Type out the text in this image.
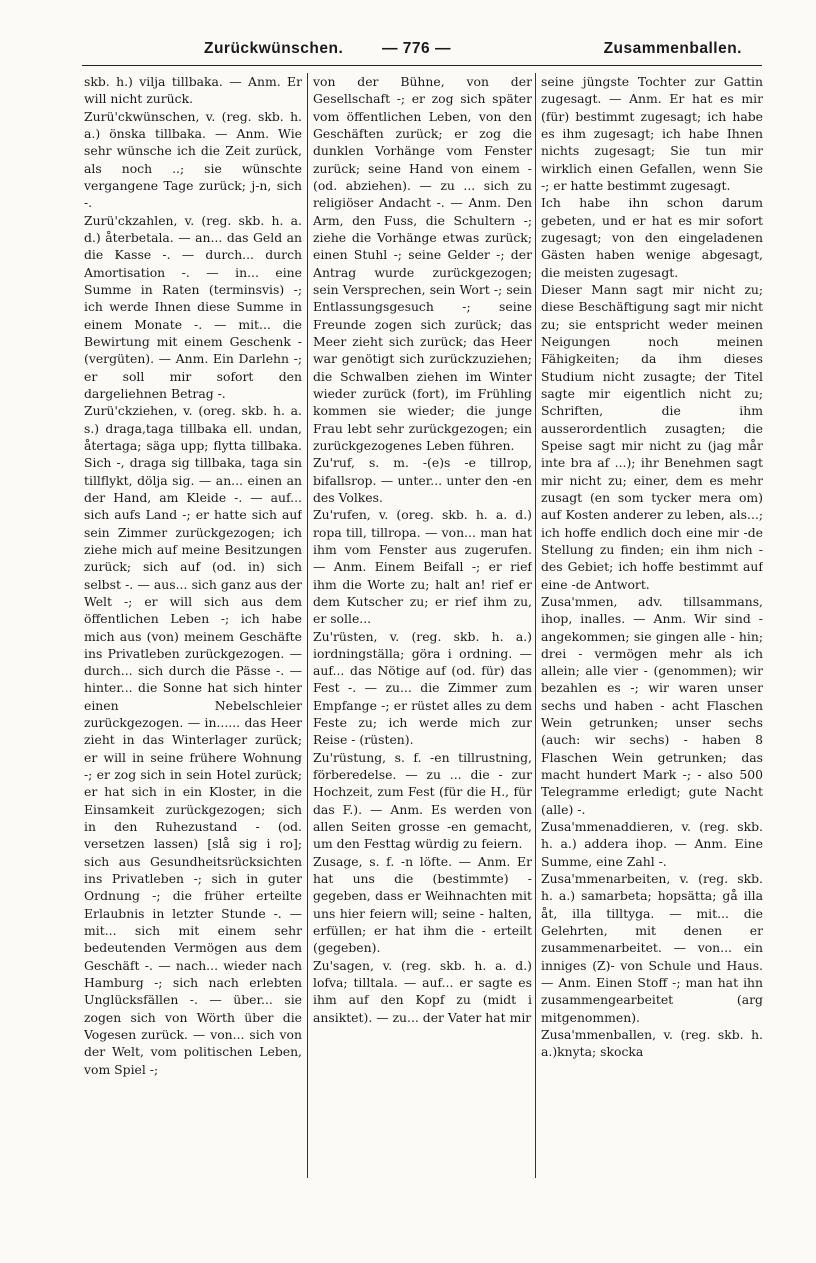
Zurückwünschen. — 776 —	Zusammenballen.

skb. h.) vilja tillbaka. — Anm. Er will nicht zurück.
Zurü'ckwünschen, v. (reg. skb. h. a.) önska tillbaka. — Anm. Wie sehr wünsche ich die Zeit zurück, als noch ..; sie wünschte vergangene Tage zurück; j-n, sich -.
Zurü'ckzahlen, v. (reg. skb. h. a. d.) återbetala. — an... das Geld an die Kasse -. — durch... durch Amortisation -. — in... eine Summe in Raten (terminsvis) -; ich werde Ihnen diese Summe in einem Monate -. — mit... die Bewirtung mit einem Geschenk - (vergüten). — Anm. Ein Darlehn -; er soll mir sofort den dargeliehnen Betrag -.
Zurü'ckziehen, v. (oreg. skb. h. a. s.) draga,taga tillbaka ell. undan, återtaga; säga upp; flytta tillbaka. Sich -, draga sig tillbaka, taga sin tillflykt, dölja sig. — an... einen an der Hand, am Kleide -. — auf... sich aufs Land -; er hatte sich auf sein Zimmer zurückgezogen; ich ziehe mich auf meine Besitzungen zurück; sich auf (od. in) sich selbst -. — aus... sich ganz aus der Welt -; er will sich aus dem öffentlichen Leben -; ich habe mich aus (von) meinem Geschäfte ins Privatleben zurückgezogen. — durch... sich durch die Pässe -. — hinter... die Sonne hat sich hinter einen Nebelschleier zurückgezogen. — in...... das Heer zieht in das Winterlager zurück; er will in seine frühere Wohnung -; er zog sich in sein Hotel zurück; er hat sich in ein Kloster, in die Einsamkeit zurückgezogen; sich in den Ruhezustand - (od. versetzen lassen) [slå sig i ro]; sich aus Gesundheitsrücksichten ins Privatleben -; sich in guter Ordnung -; die früher erteilte Erlaubnis in letzter Stunde -. — mit... sich mit einem sehr bedeutenden Vermögen aus dem Geschäft -. — nach... wieder nach Hamburg -; sich nach erlebten Unglücksfällen -. — über... sie zogen sich von Wörth über die Vogesen zurück. — von... sich von der Welt, vom politischen Leben, vom Spiel -;

von der Bühne, von der Gesellschaft -; er zog sich später vom öffentlichen Leben, von den Geschäften zurück; er zog die dunklen Vorhänge vom Fenster zurück; seine Hand von einem - (od. abziehen). — zu ... sich zu religiöser Andacht -. — Anm. Den Arm, den Fuss, die Schultern -; ziehe die Vorhänge etwas zurück; einen Stuhl -; seine Gelder -; der Antrag wurde zurückgezogen; sein Versprechen, sein Wort -; sein Entlassungsgesuch -; seine Freunde zogen sich zurück; das Meer zieht sich zurück; das Heer war genötigt sich zurückzuziehen; die Schwalben ziehen im Winter wieder zurück (fort), im Frühling kommen sie wieder; die junge Frau lebt sehr zurückgezogen; ein zurückgezogenes Leben führen.
Zu'ruf, s. m. -(e)s -e tillrop, bifallsrop. — unter... unter den -en des Volkes.
Zu'rufen, v. (oreg. skb. h. a. d.) ropa till, tillropa. — von... man hat ihm vom Fenster aus zugerufen. — Anm. Einem Beifall -; er rief ihm die Worte zu; halt an! rief er dem Kutscher zu; er rief ihm zu, er solle...
Zu'rüsten, v. (reg. skb. h. a.) iordningställa; göra i ordning. — auf... das Nötige auf (od. für) das Fest -. — zu... die Zimmer zum Empfange -; er rüstet alles zu dem Feste zu; ich werde mich zur Reise - (rüsten).
Zu'rüstung, s. f. -en tillrustning, förberedelse. — zu ... die - zur Hochzeit, zum Fest (für die H., für das F.). — Anm. Es werden von allen Seiten grosse -en gemacht, um den Festtag würdig zu feiern.
Zusage, s. f. -n löfte. — Anm. Er hat uns die (bestimmte) - gegeben, dass er Weihnachten mit uns hier feiern will; seine - halten, erfüllen; er hat ihm die - erteilt (gegeben).
Zu'sagen, v. (reg. skb. h. a. d.) lofva; tilltala. — auf... er sagte es ihm auf den Kopf zu (midt i ansiktet). — zu... der Vater hat mir

seine jüngste Tochter zur Gattin zugesagt. — Anm. Er hat es mir (für) bestimmt zugesagt; ich habe es ihm zugesagt; ich habe Ihnen nichts zugesagt; Sie tun mir wirklich einen Gefallen, wenn Sie -; er hatte bestimmt zugesagt.
Ich habe ihn schon darum gebeten, und er hat es mir sofort zugesagt; von den eingeladenen Gästen haben wenige abgesagt, die meisten zugesagt.
Dieser Mann sagt mir nicht zu; diese Beschäftigung sagt mir nicht zu; sie entspricht weder meinen Neigungen noch meinen Fähigkeiten; da ihm dieses Studium nicht zusagte; der Titel sagte mir eigentlich nicht zu; Schriften, die ihm ausserordentlich zusagten; die Speise sagt mir nicht zu (jag mår inte bra af ...); ihr Benehmen sagt mir nicht zu; einer, dem es mehr zusagt (en som tycker mera om) auf Kosten anderer zu leben, als...; ich hoffe endlich doch eine mir -de Stellung zu finden; ein ihm nich -des Gebiet; ich hoffe bestimmt auf eine -de Antwort.
Zusa'mmen, adv. tillsammans, ihop, inalles. — Anm. Wir sind - angekommen; sie gingen alle - hin; drei - vermögen mehr als ich allein; alle vier - (genommen); wir bezahlen es -; wir waren unser sechs und haben - acht Flaschen Wein getrunken; unser sechs (auch: wir sechs) - haben 8 Flaschen Wein getrunken; das macht hundert Mark -; - also 500 Telegramme erledigt; gute Nacht (alle) -.
Zusa'mmenaddieren, v. (reg. skb. h. a.) addera ihop. — Anm. Eine Summe, eine Zahl -.
Zusa'mmenarbeiten, v. (reg. skb. h. a.) samarbeta; hopsätta; gå illa åt, illa tilltyga. — mit... die Gelehrten, mit denen er zusammenarbeitet. — von... ein inniges (Z)- von Schule und Haus. — Anm. Einen Stoff -; man hat ihn zusammengearbeitet (arg mitgenommen).
Zusa'mmenballen, v. (reg. skb. h. a.)knyta; skocka
